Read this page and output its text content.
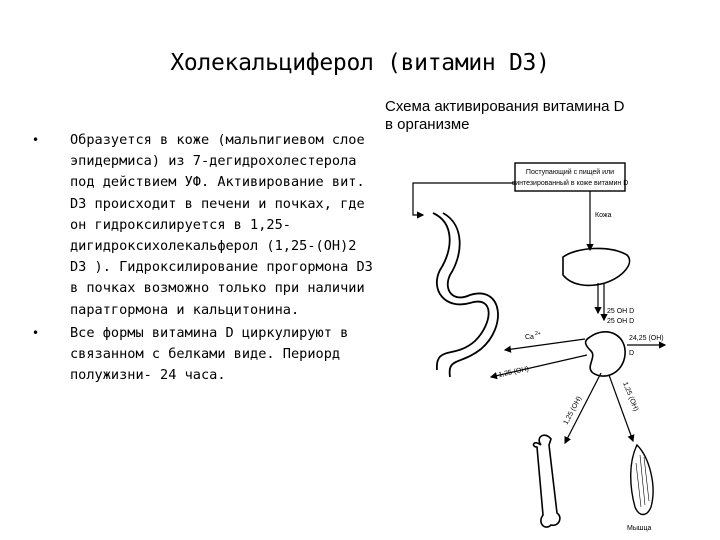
Холекальциферол (витамин D3)
Схема активирования витамина D
в организме
• Образуется в коже (мальпигиевом слое эпидермиса) из 7-дегидрохолестерола под действием УФ. Активирование вит. D3 происходит в печени и почках, где он гидроксилируется в 1,25-дигидроксихолекальферол (1,25-(ОН)2 D3 ). Гидроксилирование прогормона D3 в почках возможно только при наличии паратгормона и кальцитонина.
• Все формы витамина D циркулируют в связанном с белками виде. Периорд полужизни- 24 часа.
Поступающий с пищей или
синтезированный в коже витамин D
Кожа
25 ОН D
25 ОН D
24,25 (ОН)
D
Ca 2+
1,25 (ОН)
1,25 (ОН)	1,25 (ОН)
Мышца
